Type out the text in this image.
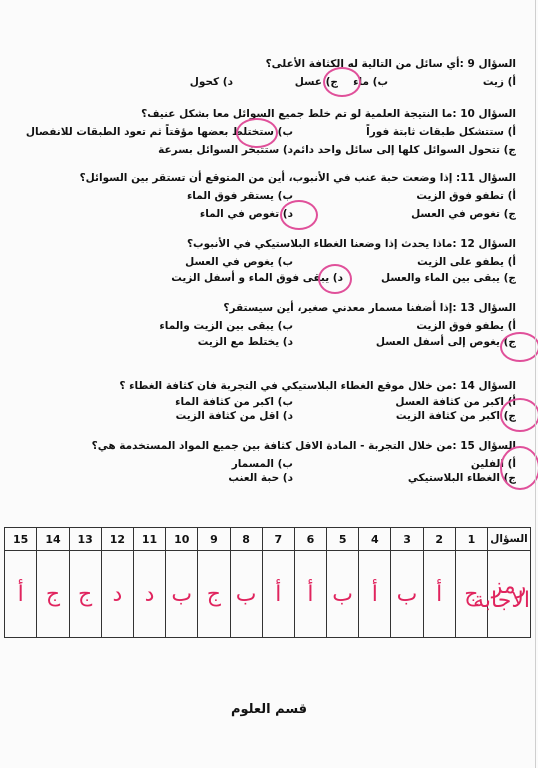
السؤال 9 :أي سائل من التالية له الكثافة الأعلى؟
أ) زيت
ب) ماء
ج) عسل
د) كحول
السؤال 10 :ما النتيجة العلمية لو تم خلط جميع السوائل معا بشكل عنيف؟
أ) ستتشكل طبقات ثابتة فوراً
ب) ستختلط بعضها مؤقتاً ثم تعود الطبقات للانفصال
ج) تتحول السوائل كلها إلى سائل واحد دائم
د) ستتبخر السوائل بسرعة
السؤال 11: إذا وضعت حبة عنب في الأنبوب، أين من المتوقع أن تستقر بين السوائل؟
أ) تطفو فوق الزيت
ب) يستقر فوق الماء
ج) تغوص في العسل
د) تغوص في الماء
السؤال 12 :ماذا يحدث إذا وضعنا الغطاء البلاستيكي في الأنبوب؟
أ) يطفو على الزيت
ب) يغوص في العسل
ج) يبقى بين الماء والعسل
د) يبقى فوق الماء و أسفل الزيت
السؤال 13 :إذا أضفنا مسمار معدني صغير، أين سيستقر؟
أ) يطفو فوق الزيت
ب) يبقى بين الزيت والماء
ج) يغوص إلى أسفل العسل
د) يختلط مع الزيت
السؤال 14 :من خلال موقع الغطاء البلاستيكي في التجربة فان كثافة الغطاء ؟
أ) اكبر من كثافة العسل
ب) اكبر من كثافة الماء
ج) اكبر من كثافة الزيت
د) اقل من كثافة الزيت
السؤال 15 :من خلال التجربة - المادة الاقل كثافة بين جميع المواد المستخدمة هي؟
أ) الفلين
ب) المسمار
ج) الغطاء البلاستيكي
د) حبة العنب
السؤال	1	2	3	4	5	6	7	8	9	10	11	12	13	14	15
رمز الاجابة	ج	أ	ب	أ	ب	أ	أ	ب	ج	ب	د	د	ج	ج	أ
قسم العلوم
